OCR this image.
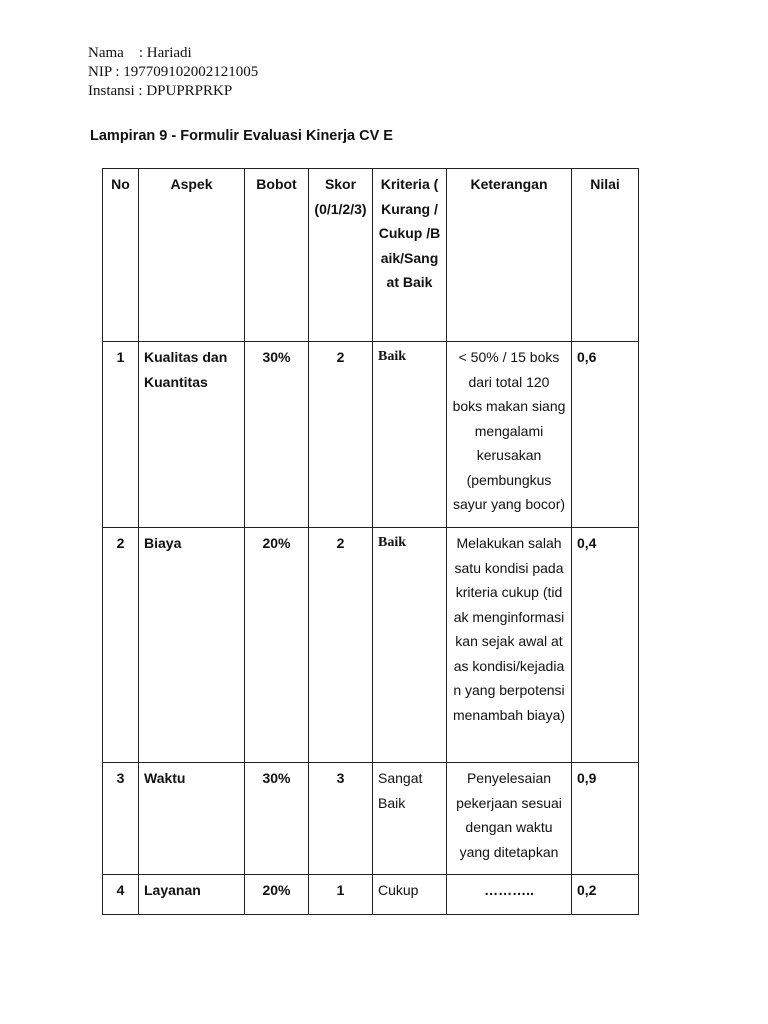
Nama    : Hariadi
NIP : 197709102002121005
Instansi : DPUPRPRKP
Lampiran 9 - Formulir Evaluasi Kinerja CV E
No	Aspek	Bobot	Skor (0/1/2/3)	Kriteria ( Kurang /Cukup /Baik/Sangat Baik	Keterangan	Nilai
1	Kualitas dan Kuantitas	30%	2	Baik	< 50% / 15 boks dari total 120 boks makan siang mengalami kerusakan (pembungkus sayur yang bocor)	0,6
2	Biaya	20%	2	Baik	Melakukan salah satu kondisi pada kriteria cukup (tidak menginformasikan sejak awal atas kondisi/kejadian yang berpotensi menambah biaya)	0,4
3	Waktu	30%	3	Sangat Baik	Penyelesaian pekerjaan sesuai dengan waktu yang ditetapkan	0,9
4	Layanan	20%	1	Cukup	………..	0,2
